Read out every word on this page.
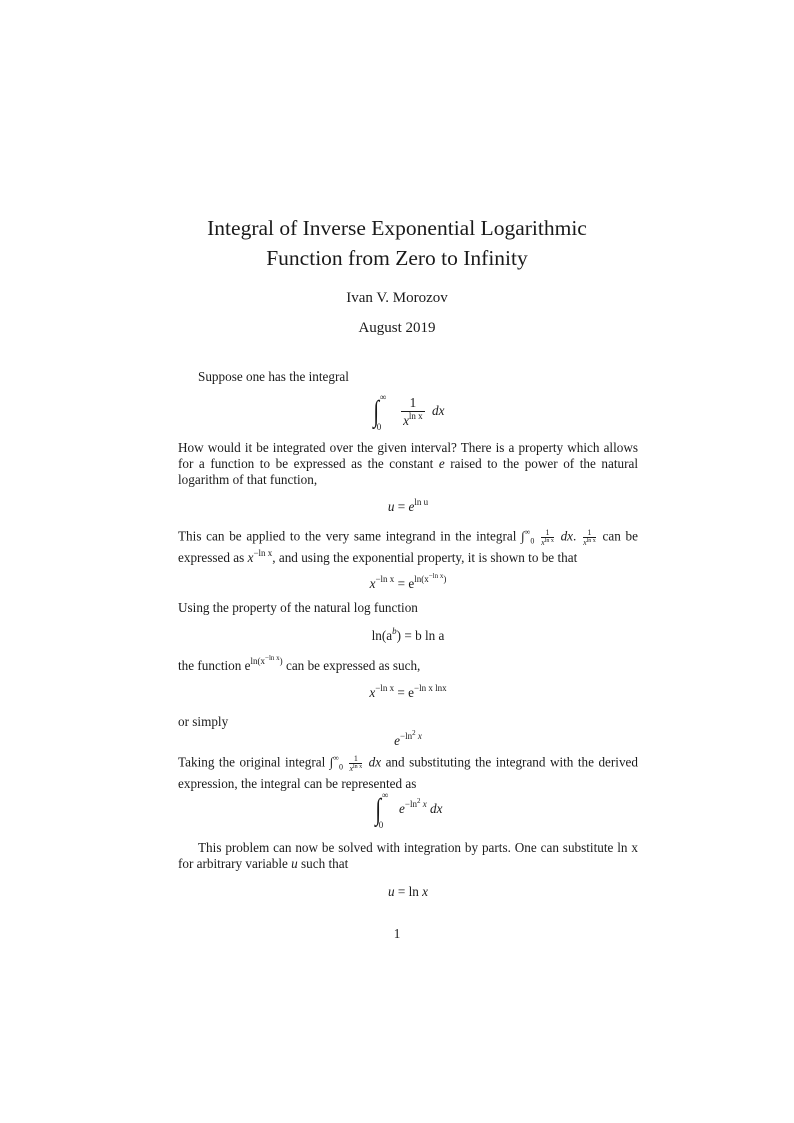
Integral of Inverse Exponential Logarithmic
Function from Zero to Infinity
Ivan V. Morozov
August 2019
Suppose one has the integral
∫ ∞
0
$\frac{1}{x^{ln x}}$ dx
How would it be integrated over the given interval? There is a property which allows for a function to be expressed as the constant e raised to the power of the natural logarithm of that function,
$u = e^{ln u}$
This can be applied to the very same integrand in the integral $\int^\infty_0 \frac{1}{x^{ln x}}$ dx. $\frac{1}{x^{ln x}}$ can be expressed as $x^{-ln x}$, and using the exponential property, it is shown to be that
$x^{-ln x} = e^{ln(x^{-ln x})}$
Using the property of the natural log function
$\ln(a^b) = b$ ln a
the function $e^{ln(x^{-ln x})}$ can be expressed as such,
$x^{-ln x} = e^{-ln x lnx}$
or simply
$e^{-ln^2 x}$
Taking the original integral $\int^\infty_0 \frac{1}{x^{ln x}}$ dx and substituting the integrand with the derived expression, the integral can be represented as
∫ ∞
0
$e^{-ln^2 x}$ dx
This problem can now be solved with integration by parts. One can substitute ln x for arbitrary variable u such that
u = ln x
1
